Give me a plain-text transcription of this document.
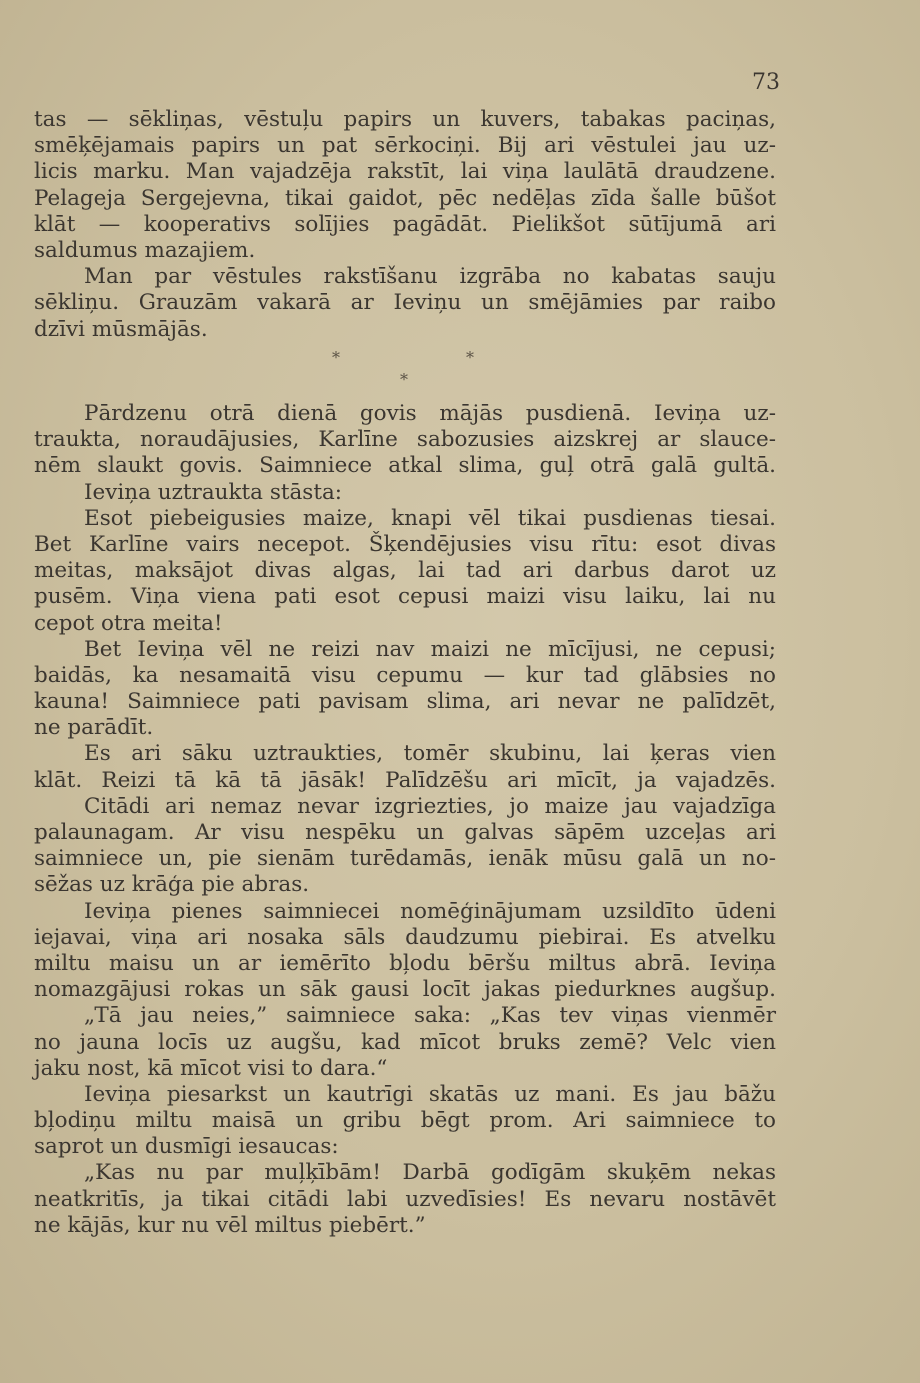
73
tas — sēkliņas, vēstuļu papirs un kuvers, tabakas paciņas,
smēķējamais papirs un pat sērkociņi. Bij ari vēstulei jau uz-
licis marku. Man vajadzēja rakstīt, lai viņa laulātā draudzene.
Pelageja Sergejevna, tikai gaidot, pēc nedēļas zīda šalle būšot
klāt — kooperativs solījies pagādāt. Pielikšot sūtījumā ari
saldumus mazajiem.
Man par vēstules rakstīšanu izgrāba no kabatas sauju
sēkliņu. Grauzām vakarā ar Ieviņu un smējāmies par raibo
dzīvi mūsmājās.
*	*
*
Pārdzenu otrā dienā govis mājās pusdienā. Ieviņa uz-
traukta, noraudājusies, Karlīne sabozusies aizskrej ar slauce-
nēm slaukt govis. Saimniece atkal slima, guļ otrā galā gultā.
Ieviņa uztraukta stāsta:
Esot piebeigusies maize, knapi vēl tikai pusdienas tiesai.
Bet Karlīne vairs necepot. Šķendējusies visu rītu: esot divas
meitas, maksājot divas algas, lai tad ari darbus darot uz
pusēm. Viņa viena pati esot cepusi maizi visu laiku, lai nu
cepot otra meita!
Bet Ieviņa vēl ne reizi nav maizi ne mīcījusi, ne cepusi;
baidās, ka nesamaitā visu cepumu — kur tad glābsies no
kauna! Saimniece pati pavisam slima, ari nevar ne palīdzēt,
ne parādīt.
Es ari sāku uztraukties, tomēr skubinu, lai ķeras vien
klāt. Reizi tā kā tā jāsāk! Palīdzēšu ari mīcīt, ja vajadzēs.
Citādi ari nemaz nevar izgriezties, jo maize jau vajadzīga
palaunagam. Ar visu nespēku un galvas sāpēm uzceļas ari
saimniece un, pie sienām turēdamās, ienāk mūsu galā un no-
sēžas uz krāģa pie abras.
Ieviņa pienes saimniecei nomēģinājumam uzsildīto ūdeni
iejavai, viņa ari nosaka sāls daudzumu piebirai. Es atvelku
miltu maisu un ar iemērīto bļodu bēršu miltus abrā. Ieviņa
nomazgājusi rokas un sāk gausi locīt jakas piedurknes augšup.
„Tā jau neies,” saimniece saka: „Kas tev viņas vienmēr
no jauna locīs uz augšu, kad mīcot bruks zemē? Velc vien
jaku nost, kā mīcot visi to dara.“
Ieviņa piesarkst un kautrīgi skatās uz mani. Es jau bāžu
bļodiņu miltu maisā un gribu bēgt prom. Ari saimniece to
saprot un dusmīgi iesaucas:
„Kas nu par muļķībām! Darbā godīgām skuķēm nekas
neatkritīs, ja tikai citādi labi uzvedīsies! Es nevaru nostāvēt
ne kājās, kur nu vēl miltus piebērt.”
